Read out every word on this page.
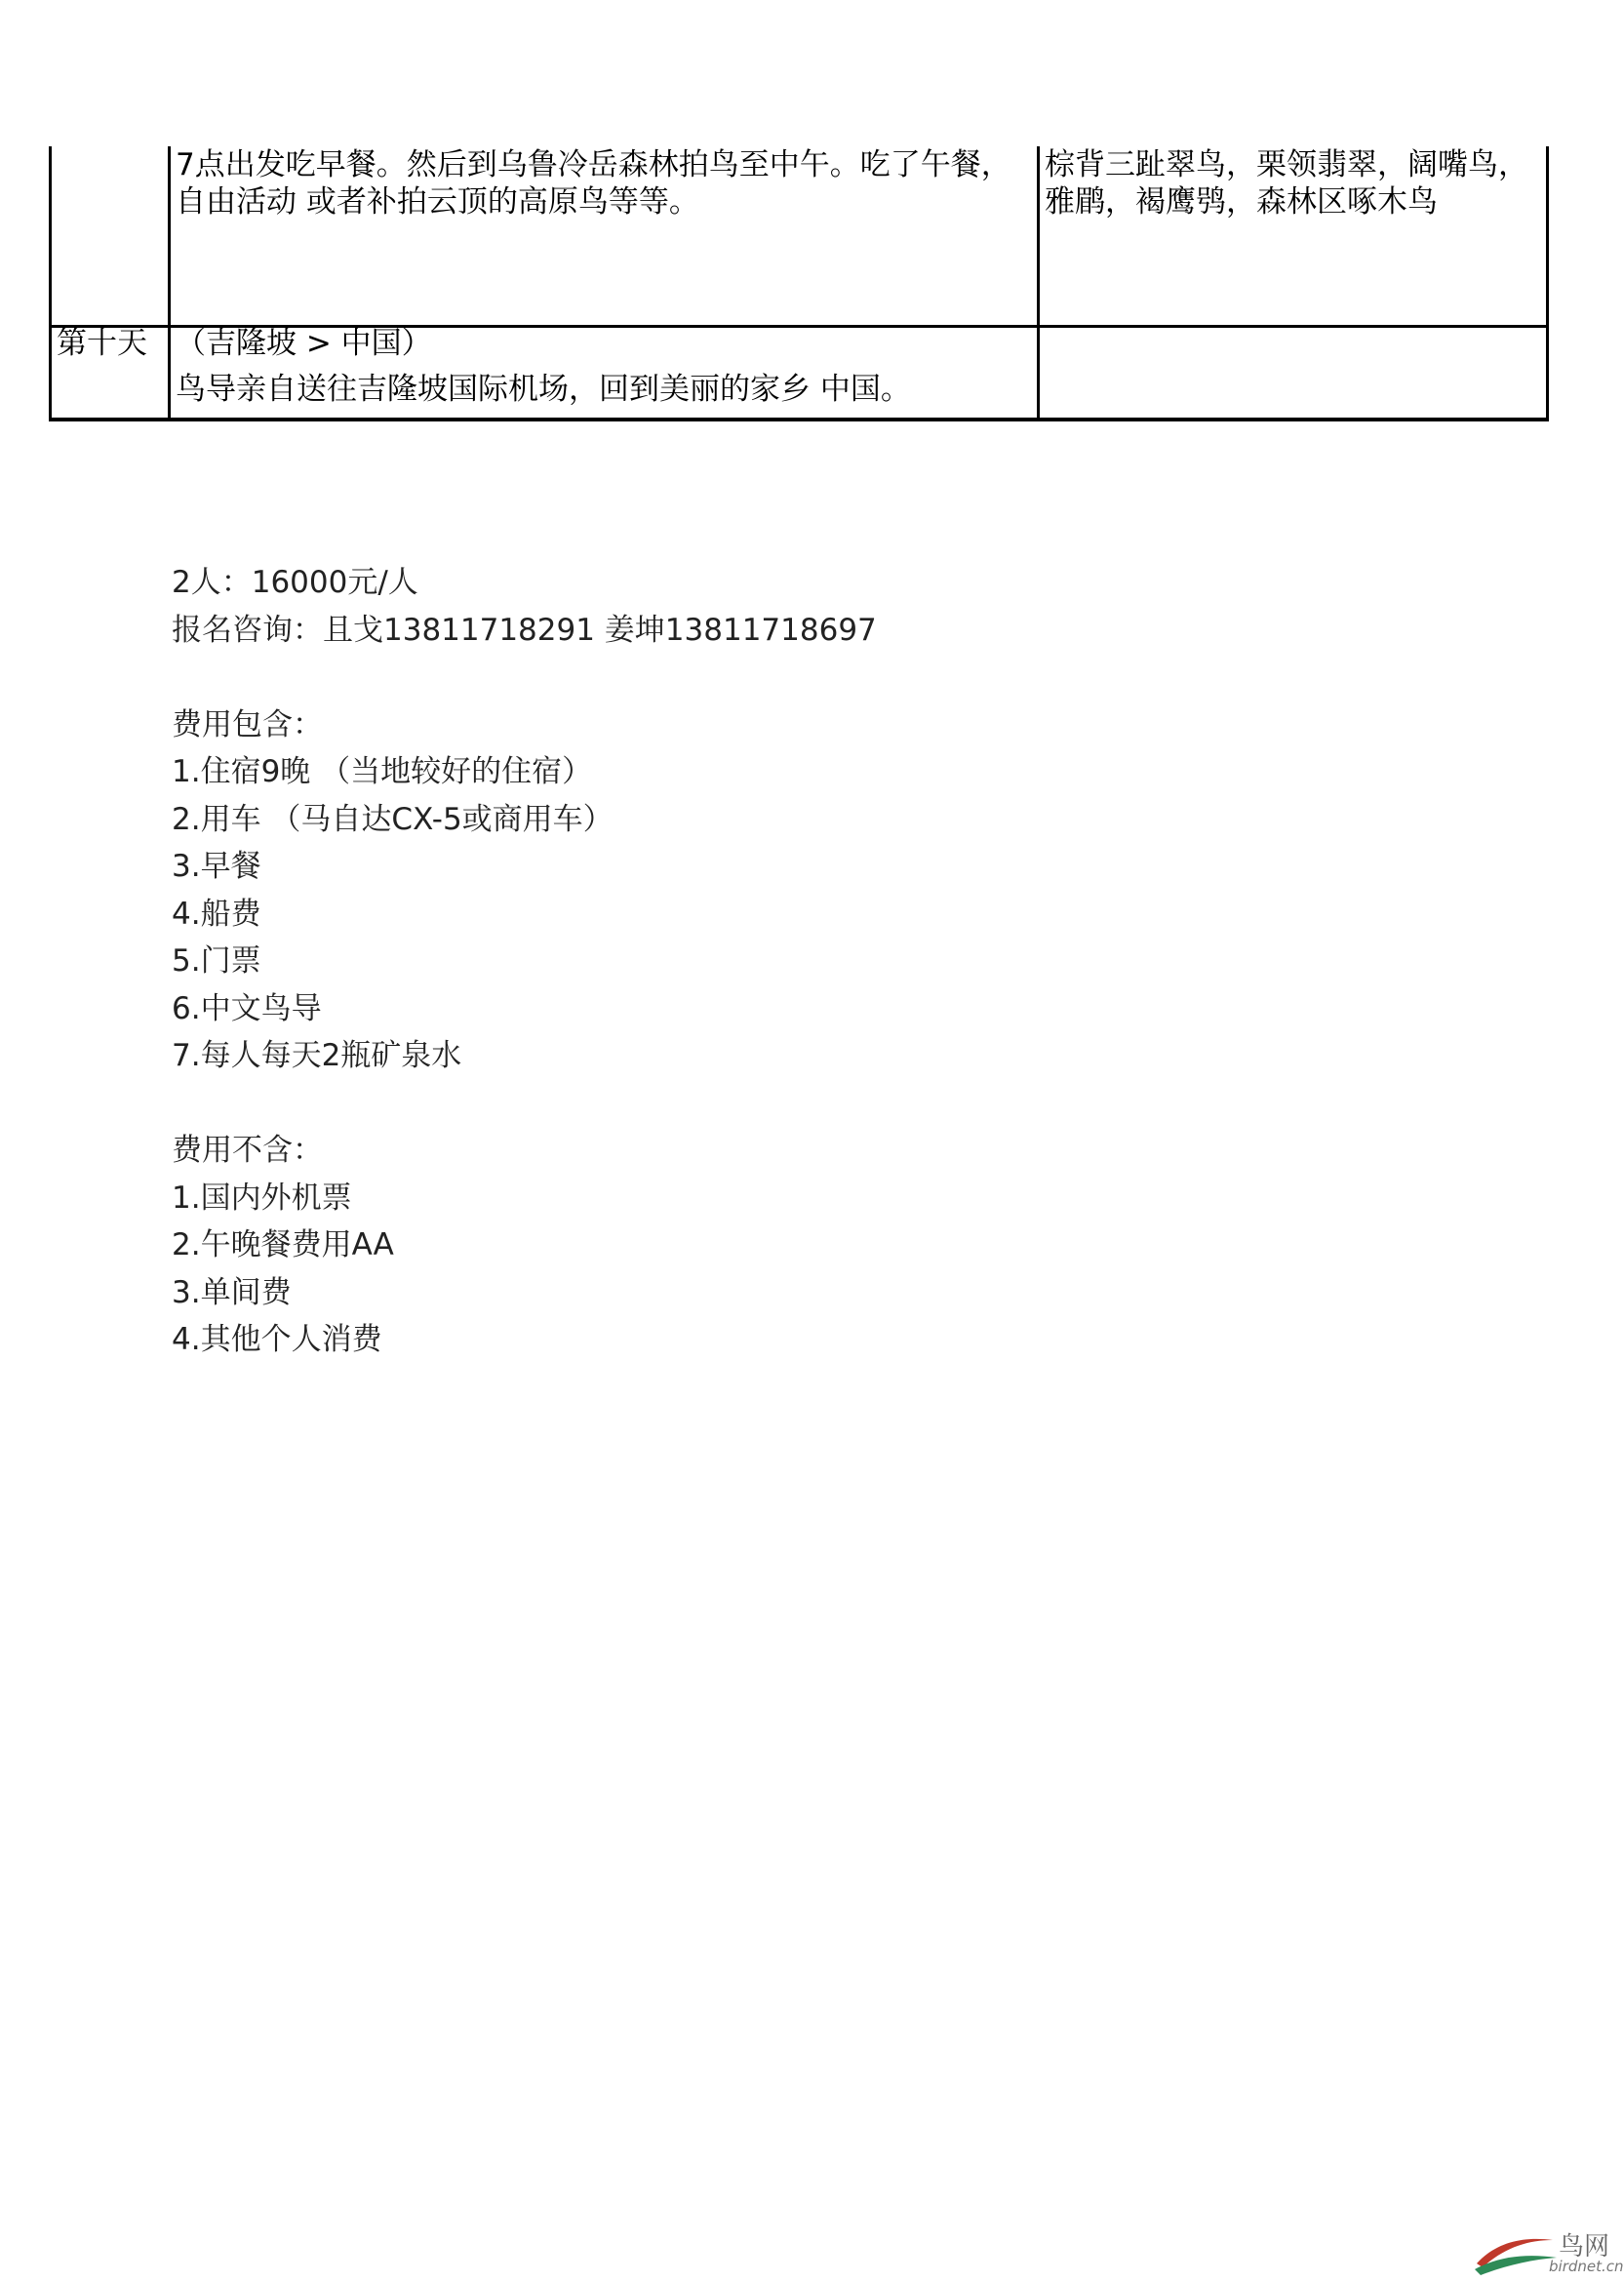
7点出发吃早餐。然后到乌鲁冷岳森林拍鸟至中午。吃了午餐，自由活动 或者补拍云顶的高原鸟等等。
棕背三趾翠鸟，栗领翡翠，阔嘴鸟，雅鹛，褐鹰鸮，森林区啄木鸟
第十天 （吉隆坡 > 中国）
鸟导亲自送往吉隆坡国际机场，回到美丽的家乡 中国。
2人：16000元/人
报名咨询：且戈13811718291 姜坤13811718697
费用包含：
1.住宿9晚 （当地较好的住宿）
2.用车 （马自达CX-5或商用车）
3.早餐
4.船费
5.门票
6.中文鸟导
7.每人每天2瓶矿泉水
费用不含：
1.国内外机票
2.午晚餐费用AA
3.单间费
4.其他个人消费
鸟网
birdnet.cn
